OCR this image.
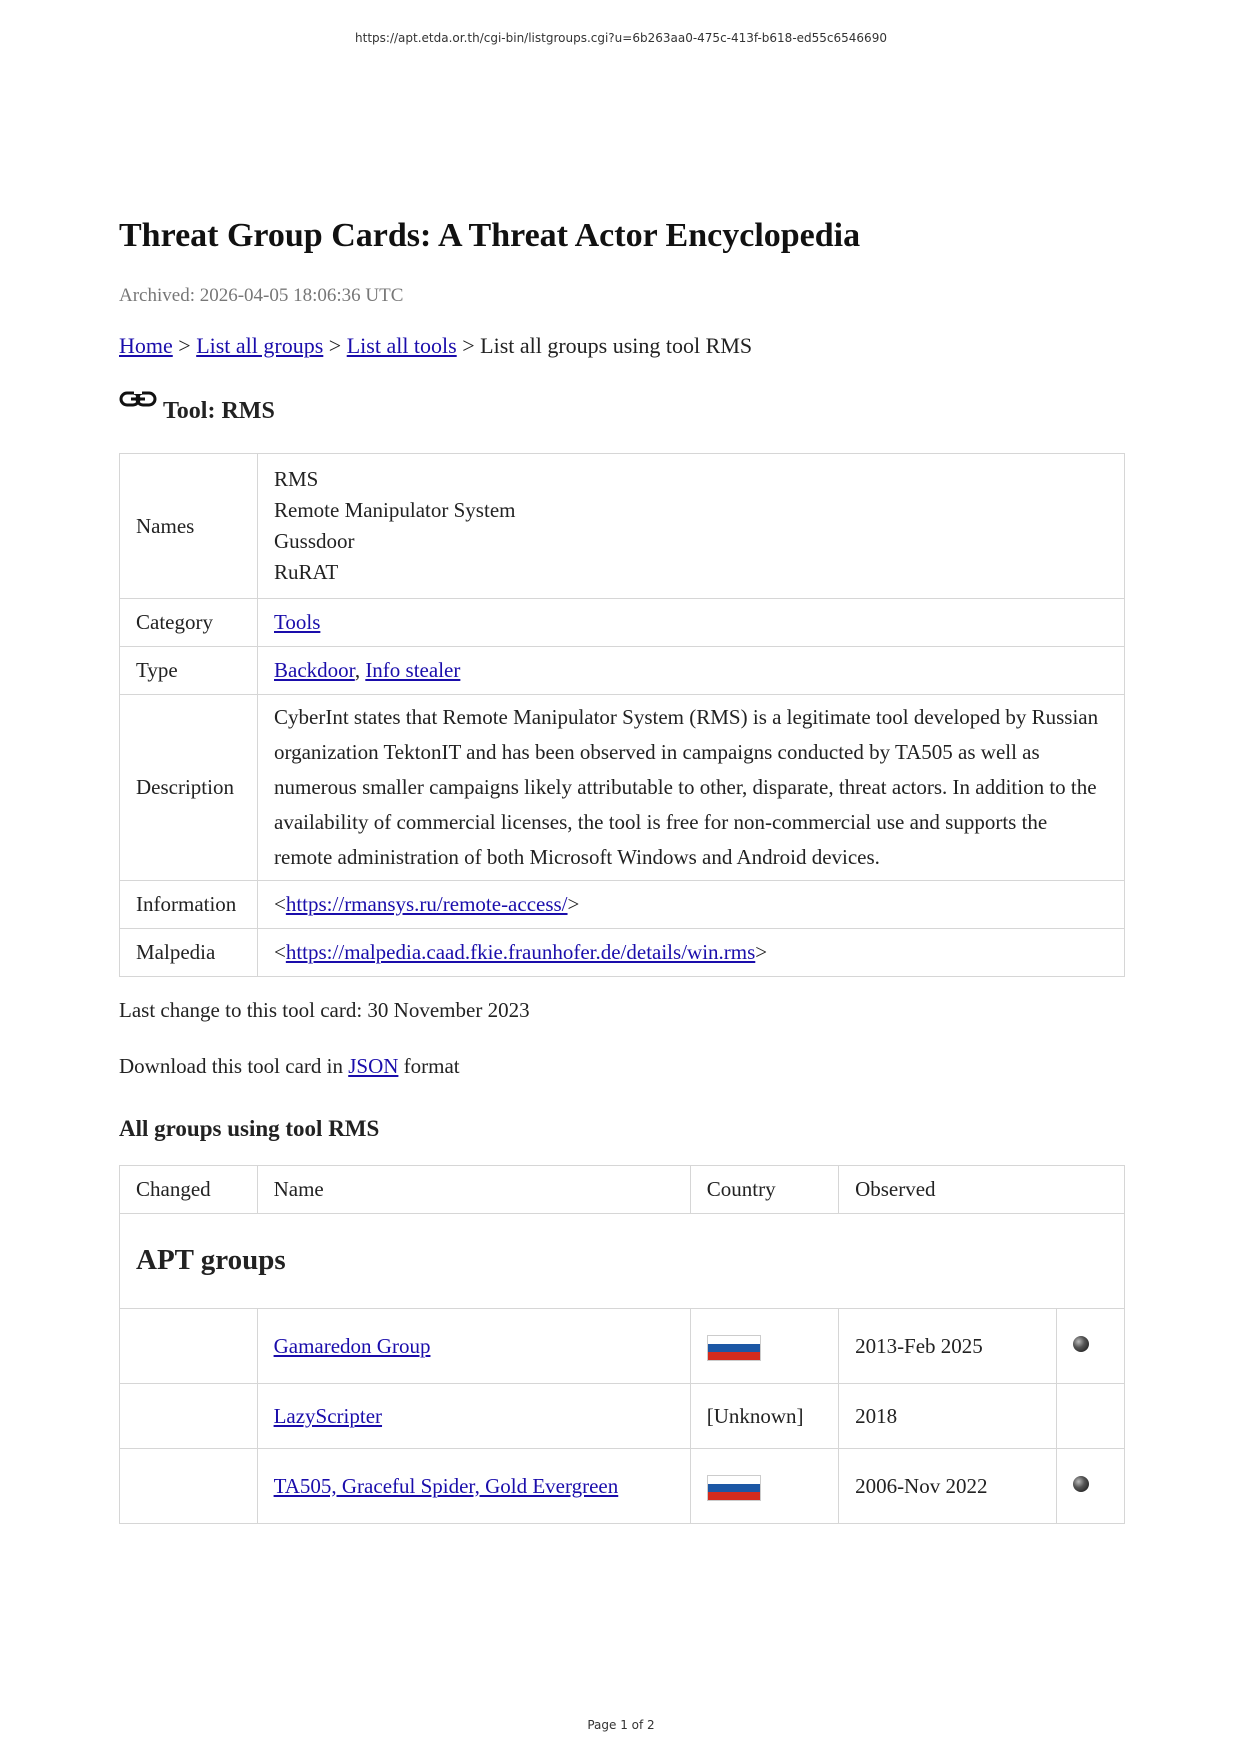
https://apt.etda.or.th/cgi-bin/listgroups.cgi?u=6b263aa0-475c-413f-b618-ed55c6546690
Threat Group Cards: A Threat Actor Encyclopedia
Archived: 2026-04-05 18:06:36 UTC
Home > List all groups > List all tools > List all groups using tool RMS
Tool: RMS
Names	RMS
Remote Manipulator System
Gussdoor
RuRAT

Category	Tools
Type	Backdoor, Info stealer
Description	CyberInt states that Remote Manipulator System (RMS) is a legitimate tool developed by Russian organization TektonIT and has been observed in campaigns conducted by TA505 as well as numerous smaller campaigns likely attributable to other, disparate, threat actors. In addition to the availability of commercial licenses, the tool is free for non-commercial use and supports the remote administration of both Microsoft Windows and Android devices.
Information	<https://rmansys.ru/remote-access/>
Malpedia	<https://malpedia.caad.fkie.fraunhofer.de/details/win.rms>
Last change to this tool card: 30 November 2023
Download this tool card in JSON format
All groups using tool RMS
Changed	Name	Country	Observed	
APT groups				
	Gamaredon Group		2013-Feb 2025	
	LazyScripter	[Unknown]	2018	
	TA505, Graceful Spider, Gold Evergreen		2006-Nov 2022	
Page 1 of 2
